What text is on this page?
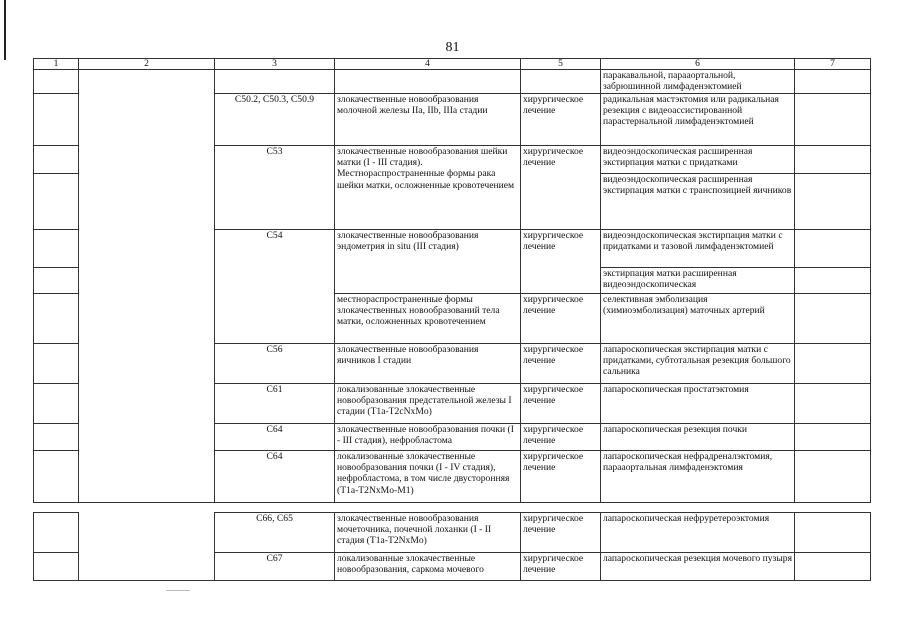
81
1	2	3	4	5	6	7
					паракавальной, парааортальной, забрюшинной лимфаденэктомией	
		C50.2, C50.3, C50.9	злокачественные новообразования молочной железы IIa, IIb, IIIa стадии	хирургическое лечение	радикальная мастэктомия или радикальная резекция с видеоассистированной парастернальной лимфаденэктомией	
		C53	злокачественные новообразования шейки матки (I - III стадия). Местнораспространенные формы рака шейки матки, осложненные кровотечением	хирургическое лечение	видеоэндоскопическая расширенная экстирпация матки с придатками	
					видеоэндоскопическая расширенная экстирпация матки с транспозицией яичников	
		C54	злокачественные новообразования эндометрия in situ (III стадия)	хирургическое лечение	видеоэндоскопическая экстирпация матки с придатками и тазовой лимфаденэктомией	
					экстирпация матки расширенная видеоэндоскопическая	
			местнораспространенные формы злокачественных новообразований тела матки, осложненных кровотечением	хирургическое лечение	селективная эмболизация (химиоэмболизация) маточных артерий	
		C56	злокачественные новообразования яичников I стадии	хирургическое лечение	лапароскопическая экстирпация матки с придатками, субтотальная резекция большого сальника	
		C61	локализованные злокачественные новообразования предстательной железы I стадии (T1a-T2cNxMo)	хирургическое лечение	лапароскопическая простатэктомия	
		C64	злокачественные новообразования почки (I - III стадия), нефробластома	хирургическое лечение	лапароскопическая резекция почки	
		C64	локализованные злокачественные новообразования почки (I - IV стадия), нефробластома, в том числе двусторонняя (T1a-T2NxMo-M1)	хирургическое лечение	лапароскопическая нефрадреналэктомия, парааортальная лимфаденэктомия	
		C66, C65	злокачественные новообразования мочеточника, почечной лоханки (I - II стадия (T1a-T2NxMo)	хирургическое лечение	лапароскопическая нефруретероэктомия	
		C67	локализованные злокачественные новообразования, саркома мочевого	хирургическое лечение	лапароскопическая резекция мочевого пузыря	
